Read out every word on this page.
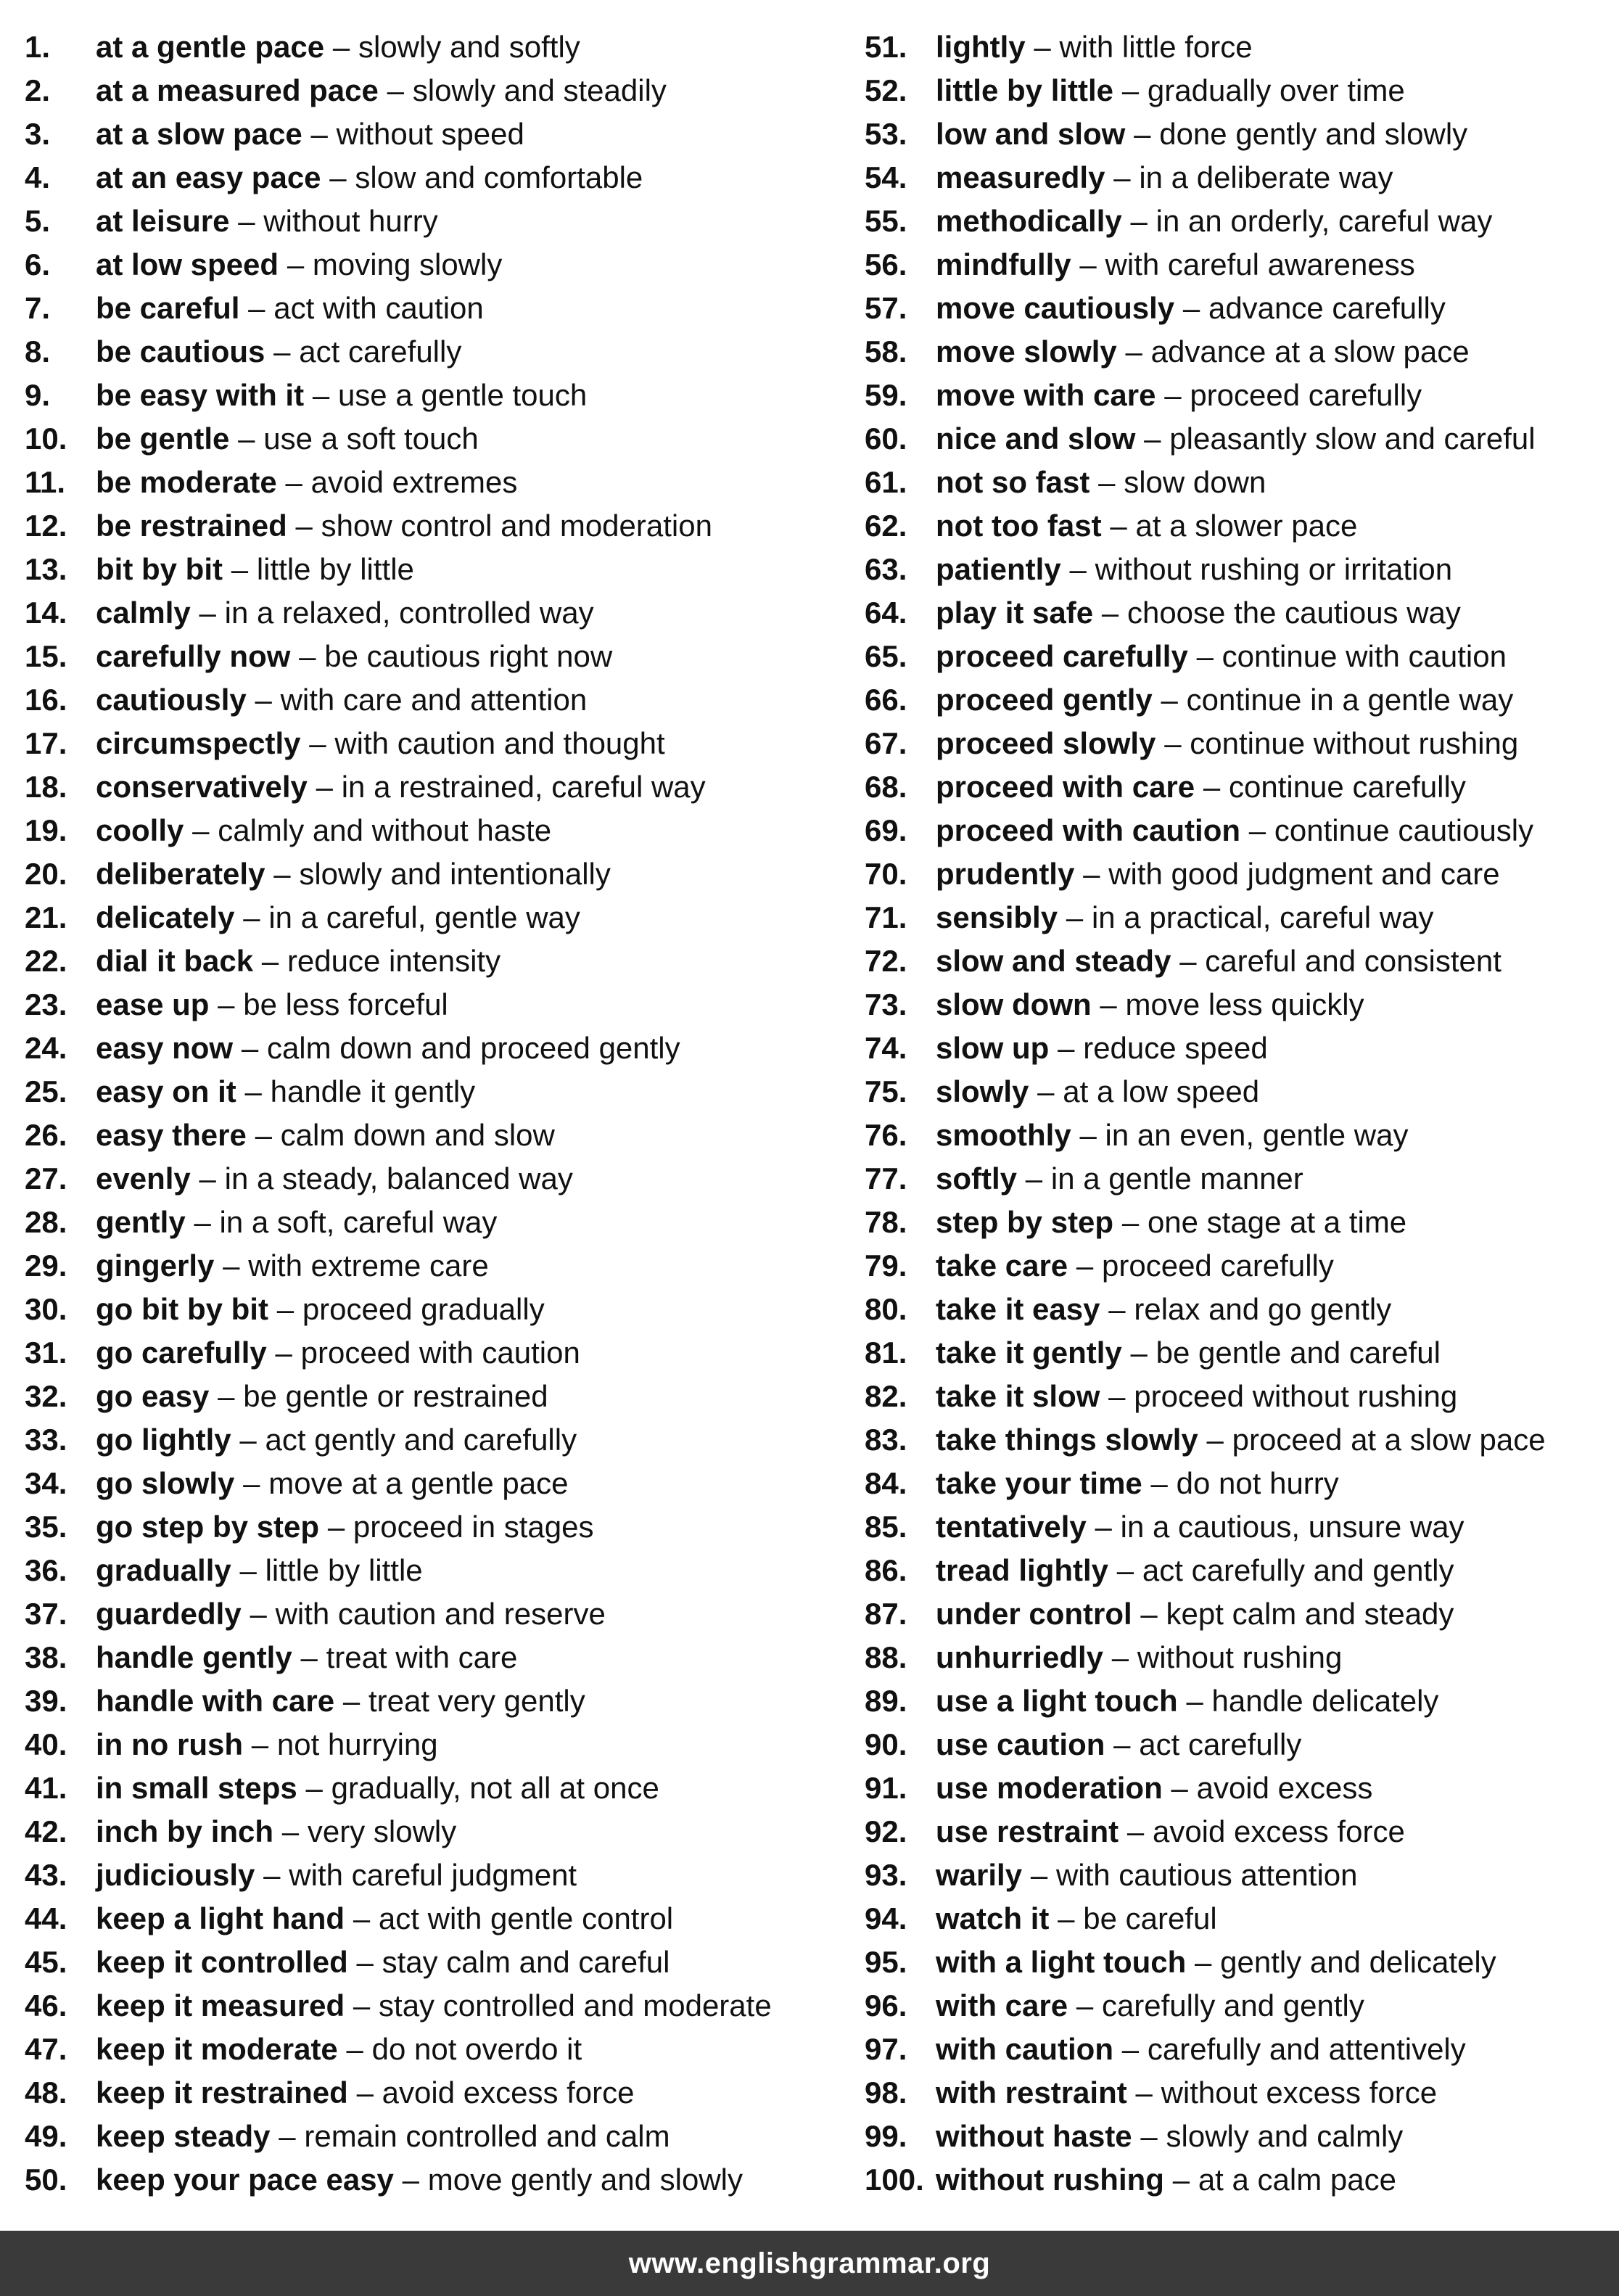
1.	at a gentle pace – slowly and softly
2.	at a measured pace – slowly and steadily
3.	at a slow pace – without speed
4.	at an easy pace – slow and comfortable
5.	at leisure – without hurry
6.	at low speed – moving slowly
7.	be careful – act with caution
8.	be cautious – act carefully
9.	be easy with it – use a gentle touch
10. be gentle – use a soft touch
11. be moderate – avoid extremes
12. be restrained – show control and moderation
13. bit by bit – little by little
14. calmly – in a relaxed, controlled way
15. carefully now – be cautious right now
16. cautiously – with care and attention
17. circumspectly – with caution and thought
18. conservatively – in a restrained, careful way
19. coolly – calmly and without haste
20. deliberately – slowly and intentionally
21. delicately – in a careful, gentle way
22. dial it back – reduce intensity
23. ease up – be less forceful
24. easy now – calm down and proceed gently
25. easy on it – handle it gently
26. easy there – calm down and slow
27. evenly – in a steady, balanced way
28. gently – in a soft, careful way
29. gingerly – with extreme care
30. go bit by bit – proceed gradually
31. go carefully – proceed with caution
32. go easy – be gentle or restrained
33. go lightly – act gently and carefully
34. go slowly – move at a gentle pace
35. go step by step – proceed in stages
36. gradually – little by little
37. guardedly – with caution and reserve
38. handle gently – treat with care
39. handle with care – treat very gently
40. in no rush – not hurrying
41. in small steps – gradually, not all at once
42. inch by inch – very slowly
43. judiciously – with careful judgment
44. keep a light hand – act with gentle control
45. keep it controlled – stay calm and careful
46. keep it measured – stay controlled and moderate
47. keep it moderate – do not overdo it
48. keep it restrained – avoid excess force
49. keep steady – remain controlled and calm
50. keep your pace easy – move gently and slowly
51. lightly – with little force
52. little by little – gradually over time
53. low and slow – done gently and slowly
54. measuredly – in a deliberate way
55. methodically – in an orderly, careful way
56. mindfully – with careful awareness
57. move cautiously – advance carefully
58. move slowly – advance at a slow pace
59. move with care – proceed carefully
60. nice and slow – pleasantly slow and careful
61. not so fast – slow down
62. not too fast – at a slower pace
63. patiently – without rushing or irritation
64. play it safe – choose the cautious way
65. proceed carefully – continue with caution
66. proceed gently – continue in a gentle way
67. proceed slowly – continue without rushing
68. proceed with care – continue carefully
69. proceed with caution – continue cautiously
70. prudently – with good judgment and care
71. sensibly – in a practical, careful way
72. slow and steady – careful and consistent
73. slow down – move less quickly
74. slow up – reduce speed
75. slowly – at a low speed
76. smoothly – in an even, gentle way
77. softly – in a gentle manner
78. step by step – one stage at a time
79. take care – proceed carefully
80. take it easy – relax and go gently
81. take it gently – be gentle and careful
82. take it slow – proceed without rushing
83. take things slowly – proceed at a slow pace
84. take your time – do not hurry
85. tentatively – in a cautious, unsure way
86. tread lightly – act carefully and gently
87. under control – kept calm and steady
88. unhurriedly – without rushing
89. use a light touch – handle delicately
90. use caution – act carefully
91. use moderation – avoid excess
92. use restraint – avoid excess force
93. warily – with cautious attention
94. watch it – be careful
95. with a light touch – gently and delicately
96. with care – carefully and gently
97. with caution – carefully and attentively
98. with restraint – without excess force
99. without haste – slowly and calmly
100. without rushing – at a calm pace
www.englishgrammar.org
